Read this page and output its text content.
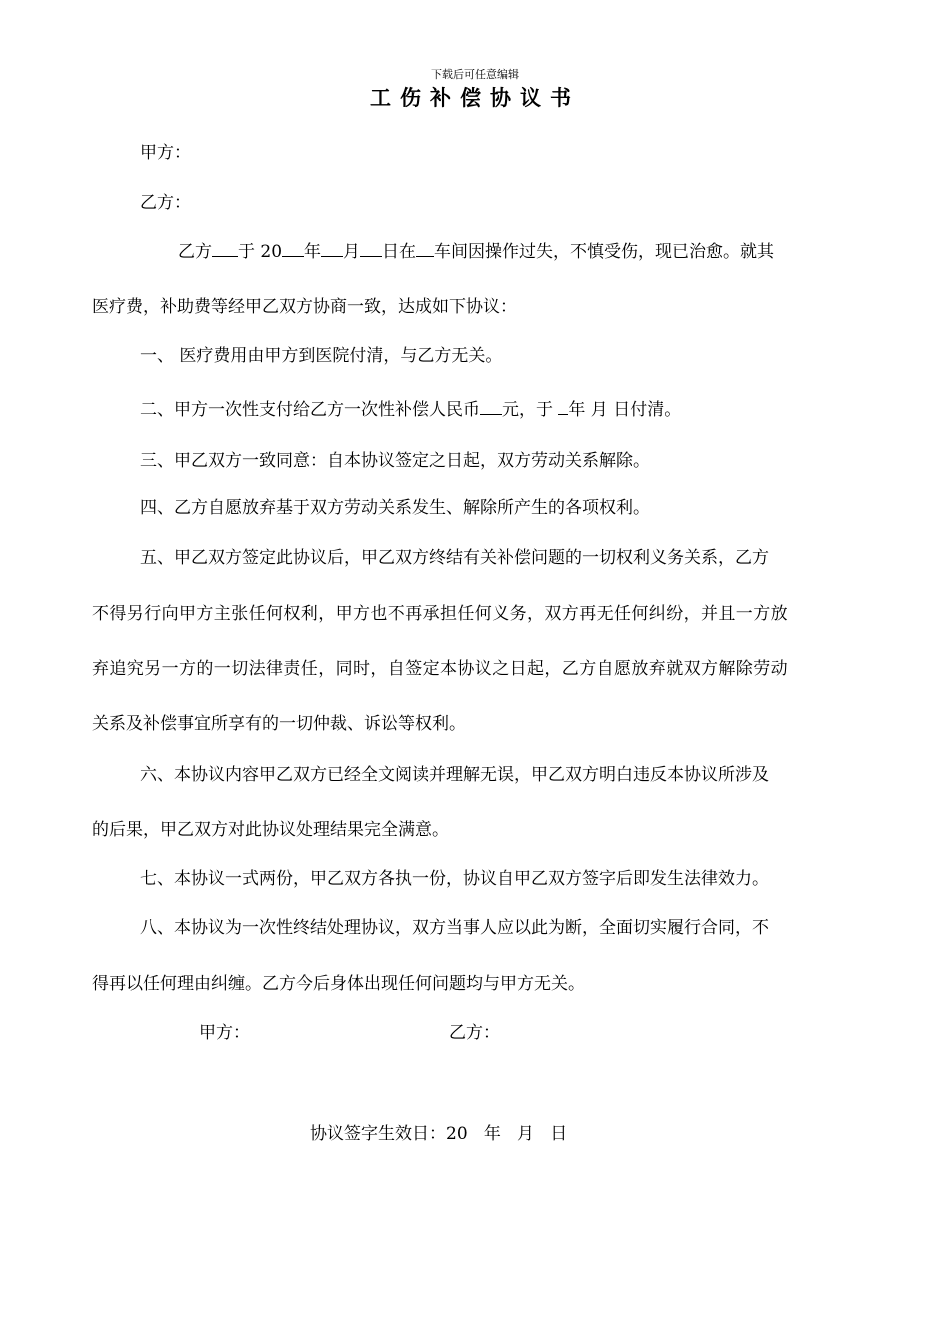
下载后可任意编辑
工伤补偿协议书
甲方：
乙方：
乙方 于 20 年 月 日在 车间因操作过失，不慎受伤，现已治愈。就其
医疗费，补助费等经甲乙双方协商一致，达成如下协议：
一、 医疗费用由甲方到医院付清，与乙方无关。
二、甲方一次性支付给乙方一次性补偿人民币 元，于 年 月 日付清。
三、甲乙双方一致同意：自本协议签定之日起，双方劳动关系解除。
四、乙方自愿放弃基于双方劳动关系发生、解除所产生的各项权利。
五、甲乙双方签定此协议后，甲乙双方终结有关补偿问题的一切权利义务关系，乙方
不得另行向甲方主张任何权利，甲方也不再承担任何义务，双方再无任何纠纷，并且一方放
弃追究另一方的一切法律责任，同时，自签定本协议之日起，乙方自愿放弃就双方解除劳动
关系及补偿事宜所享有的一切仲裁、诉讼等权利。
六、本协议内容甲乙双方已经全文阅读并理解无误，甲乙双方明白违反本协议所涉及
的后果，甲乙双方对此协议处理结果完全满意。
七、本协议一式两份，甲乙双方各执一份，协议自甲乙双方签字后即发生法律效力。
八、本协议为一次性终结处理协议，双方当事人应以此为断，全面切实履行合同，不
得再以任何理由纠缠。乙方今后身体出现任何问题均与甲方无关。
甲方：	乙方：
协议签字生效日：20   年   月   日
